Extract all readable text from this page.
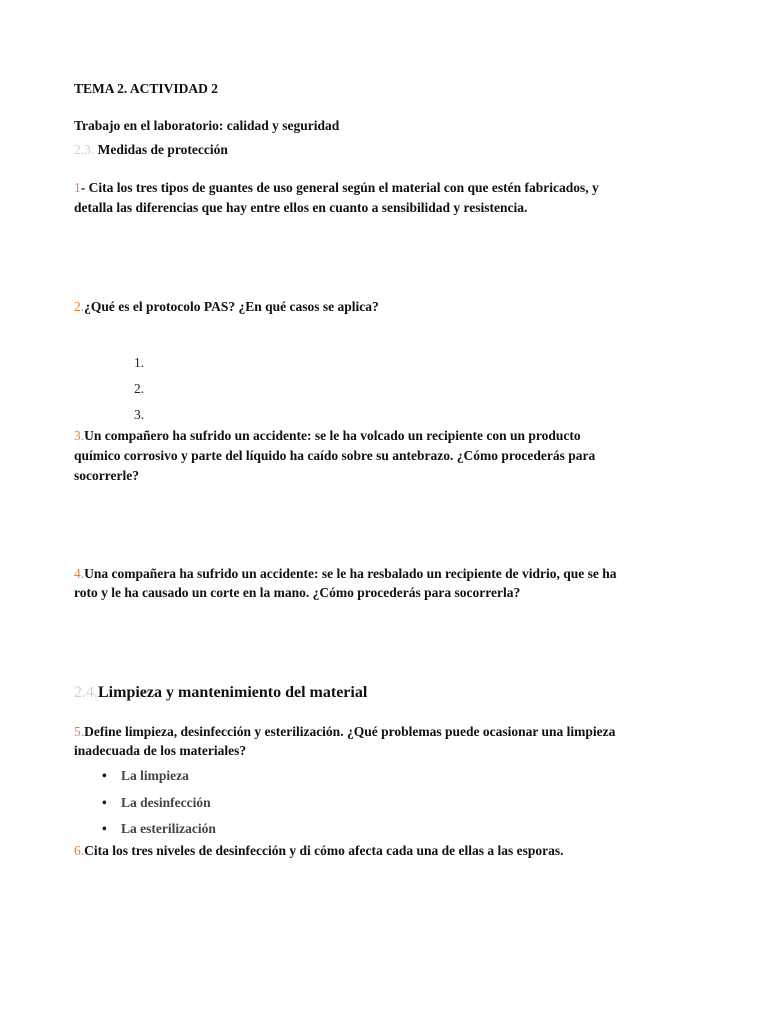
TEMA 2. ACTIVIDAD 2
Trabajo en el laboratorio: calidad y seguridad
2.3. Medidas de protección
1- Cita los tres tipos de guantes de uso general según el material con que estén fabricados, y
detalla las diferencias que hay entre ellos en cuanto a sensibilidad y resistencia.
2.¿Qué es el protocolo PAS? ¿En qué casos se aplica?
1.
2.
3.
3.Un compañero ha sufrido un accidente: se le ha volcado un recipiente con un producto
químico corrosivo y parte del líquido ha caído sobre su antebrazo. ¿Cómo procederás para
socorrerle?
4.Una compañera ha sufrido un accidente: se le ha resbalado un recipiente de vidrio, que se ha
roto y le ha causado un corte en la mano. ¿Cómo procederás para socorrerla?
2.4.Limpieza y mantenimiento del material
5.Define limpieza, desinfección y esterilización. ¿Qué problemas puede ocasionar una limpieza
inadecuada de los materiales?
• La limpieza
• La desinfección
• La esterilización
6.Cita los tres niveles de desinfección y di cómo afecta cada una de ellas a las esporas.
